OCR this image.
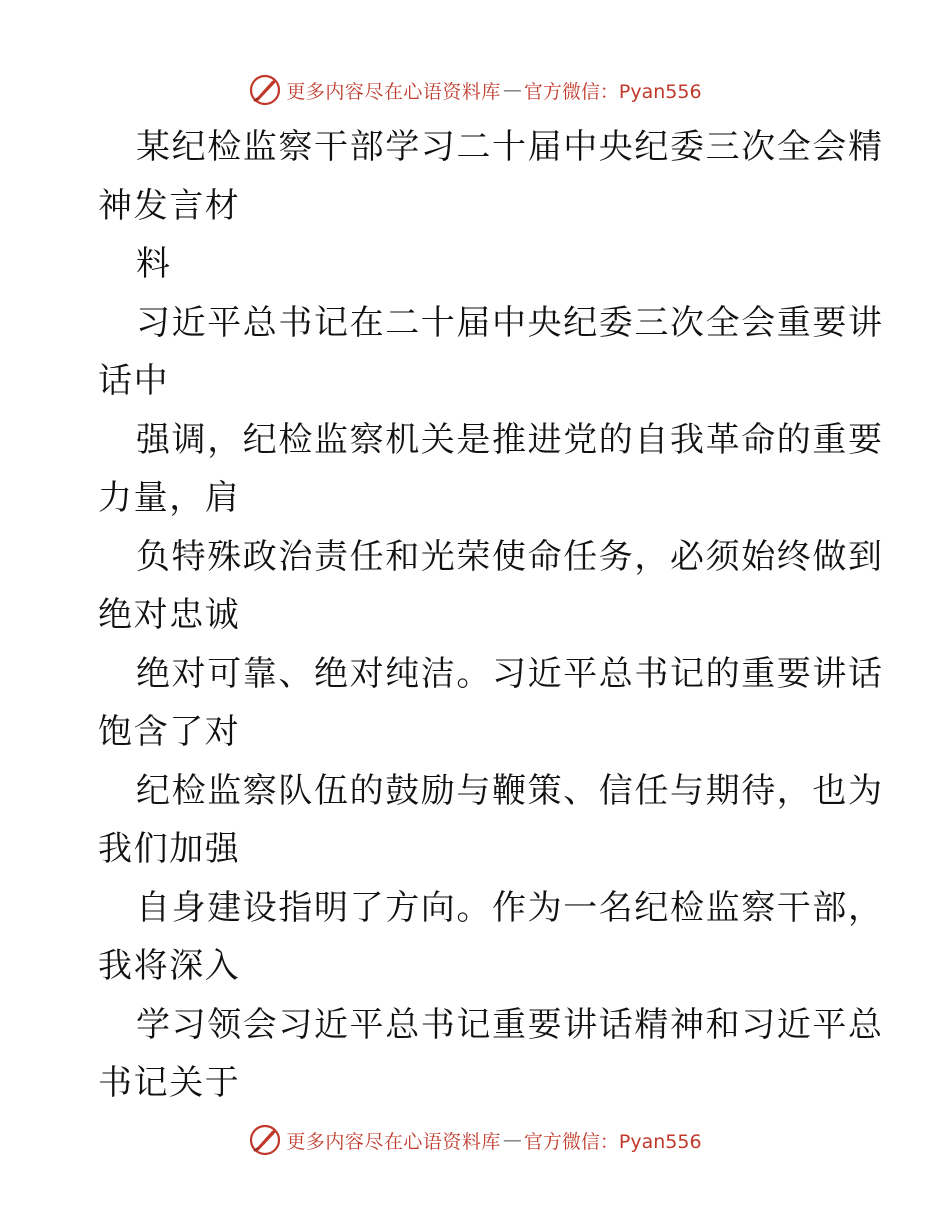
更多内容尽在心语资料库 — 官方微信：Pyan556
某纪检监察干部学习二十届中央纪委三次全会精
神发言材
料
习近平总书记在二十届中央纪委三次全会重要讲
话中
强调，纪检监察机关是推进党的自我革命的重要
力量，肩
负特殊政治责任和光荣使命任务，必须始终做到
绝对忠诚
绝对可靠、绝对纯洁。习近平总书记的重要讲话
饱含了对
纪检监察队伍的鼓励与鞭策、信任与期待，也为
我们加强
自身建设指明了方向。作为一名纪检监察干部，
我将深入
学习领会习近平总书记重要讲话精神和习近平总
书记关于
更多内容尽在心语资料库 — 官方微信：Pyan556
